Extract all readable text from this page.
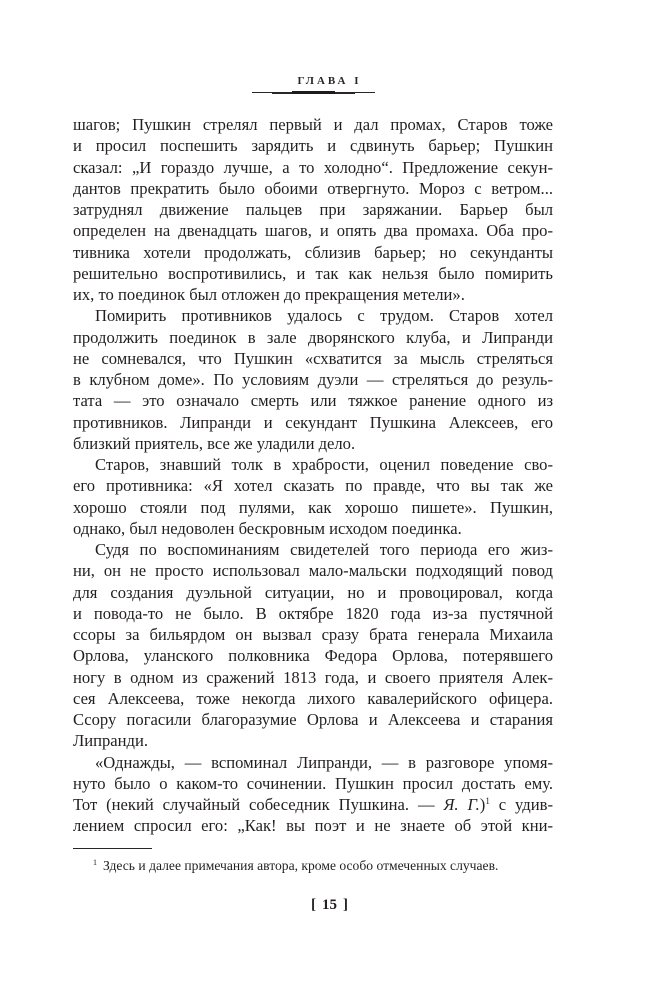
ГЛАВА I
шагов; Пушкин стрелял первый и дал промах, Старов тоже
и просил поспешить зарядить и сдвинуть барьер; Пушкин
сказал: „И гораздо лучше, а то холодно“. Предложение секун-
дантов прекратить было обоими отвергнуто. Мороз с ветром...
затруднял движение пальцев при заряжании. Барьер был
определен на двенадцать шагов, и опять два промаха. Оба про-
тивника хотели продолжать, сблизив барьер; но секунданты
решительно воспротивились, и так как нельзя было помирить
их, то поединок был отложен до прекращения метели».
Помирить противников удалось с трудом. Старов хотел
продолжить поединок в зале дворянского клуба, и Липранди
не сомневался, что Пушкин «схватится за мысль стреляться
в клубном доме». По условиям дуэли — стреляться до резуль-
тата — это означало смерть или тяжкое ранение одного из
противников. Липранди и секундант Пушкина Алексеев, его
близкий приятель, все же уладили дело.
Старов, знавший толк в храбрости, оценил поведение сво-
его противника: «Я хотел сказать по правде, что вы так же
хорошо стояли под пулями, как хорошо пишете». Пушкин,
однако, был недоволен бескровным исходом поединка.
Судя по воспоминаниям свидетелей того периода его жиз-
ни, он не просто использовал мало-мальски подходящий повод
для создания дуэльной ситуации, но и провоцировал, когда
и повода-то не было. В октябре 1820 года из-за пустячной
ссоры за бильярдом он вызвал сразу брата генерала Михаила
Орлова, уланского полковника Федора Орлова, потерявшего
ногу в одном из сражений 1813 года, и своего приятеля Алек-
сея Алексеева, тоже некогда лихого кавалерийского офицера.
Ссору погасили благоразумие Орлова и Алексеева и старания
Липранди.
«Однажды, — вспоминал Липранди, — в разговоре упомя-
нуто было о каком-то сочинении. Пушкин просил достать ему.
Тот (некий случайный собеседник Пушкина. — Я. Г.)$^1$ с удив-
лением спросил его: „Как! вы поэт и не знаете об этой кни-
$^1$ Здесь и далее примечания автора, кроме особо отмеченных случаев.
[ 15 ]
